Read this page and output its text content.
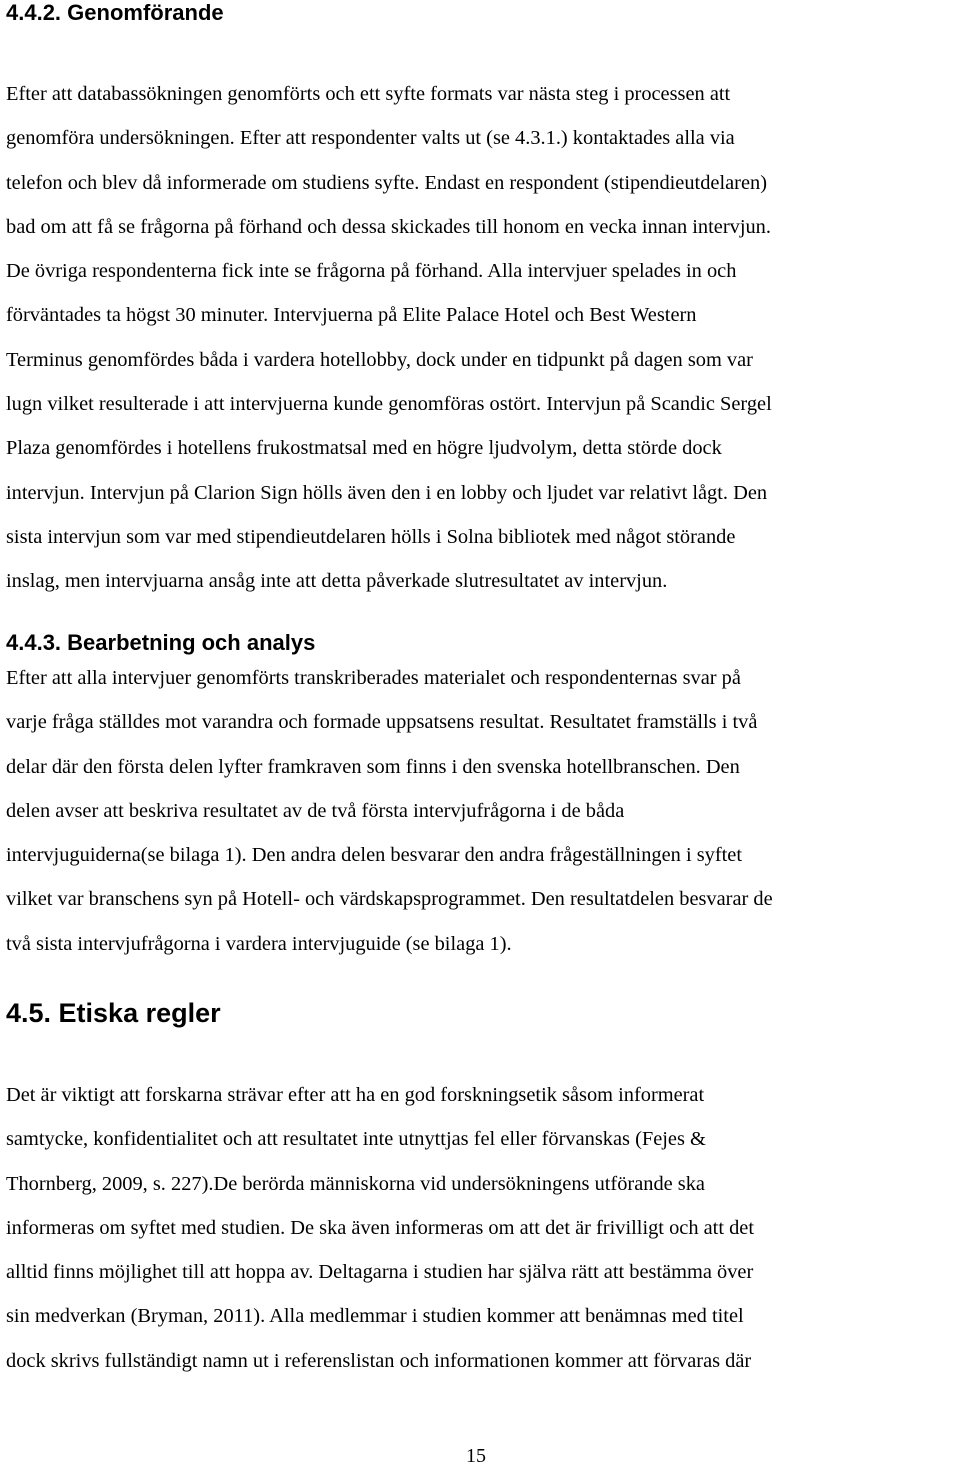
4.4.2. Genomförande
Efter att databassökningen genomförts och ett syfte formats var nästa steg i processen att
genomföra undersökningen. Efter att respondenter valts ut (se 4.3.1.) kontaktades alla via
telefon och blev då informerade om studiens syfte. Endast en respondent (stipendieutdelaren)
bad om att få se frågorna på förhand och dessa skickades till honom en vecka innan intervjun.
De övriga respondenterna fick inte se frågorna på förhand. Alla intervjuer spelades in och
förväntades ta högst 30 minuter. Intervjuerna på Elite Palace Hotel och Best Western
Terminus genomfördes båda i vardera hotellobby, dock under en tidpunkt på dagen som var
lugn vilket resulterade i att intervjuerna kunde genomföras ostört. Intervjun på Scandic Sergel
Plaza genomfördes i hotellens frukostmatsal med en högre ljudvolym, detta störde dock
intervjun. Intervjun på Clarion Sign hölls även den i en lobby och ljudet var relativt lågt. Den
sista intervjun som var med stipendieutdelaren hölls i Solna bibliotek med något störande
inslag, men intervjuarna ansåg inte att detta påverkade slutresultatet av intervjun.
4.4.3. Bearbetning och analys
Efter att alla intervjuer genomförts transkriberades materialet och respondenternas svar på
varje fråga ställdes mot varandra och formade uppsatsens resultat. Resultatet framställs i två
delar där den första delen lyfter framkraven som finns i den svenska hotellbranschen. Den
delen avser att beskriva resultatet av de två första intervjufrågorna i de båda
intervjuguiderna(se bilaga 1). Den andra delen besvarar den andra frågeställningen i syftet
vilket var branschens syn på Hotell- och värdskapsprogrammet. Den resultatdelen besvarar de
två sista intervjufrågorna i vardera intervjuguide (se bilaga 1).
4.5. Etiska regler
Det är viktigt att forskarna strävar efter att ha en god forskningsetik såsom informerat
samtycke, konfidentialitet och att resultatet inte utnyttjas fel eller förvanskas (Fejes &
Thornberg, 2009, s. 227).De berörda människorna vid undersökningens utförande ska
informeras om syftet med studien. De ska även informeras om att det är frivilligt och att det
alltid finns möjlighet till att hoppa av. Deltagarna i studien har själva rätt att bestämma över
sin medverkan (Bryman, 2011). Alla medlemmar i studien kommer att benämnas med titel
dock skrivs fullständigt namn ut i referenslistan och informationen kommer att förvaras där
15
